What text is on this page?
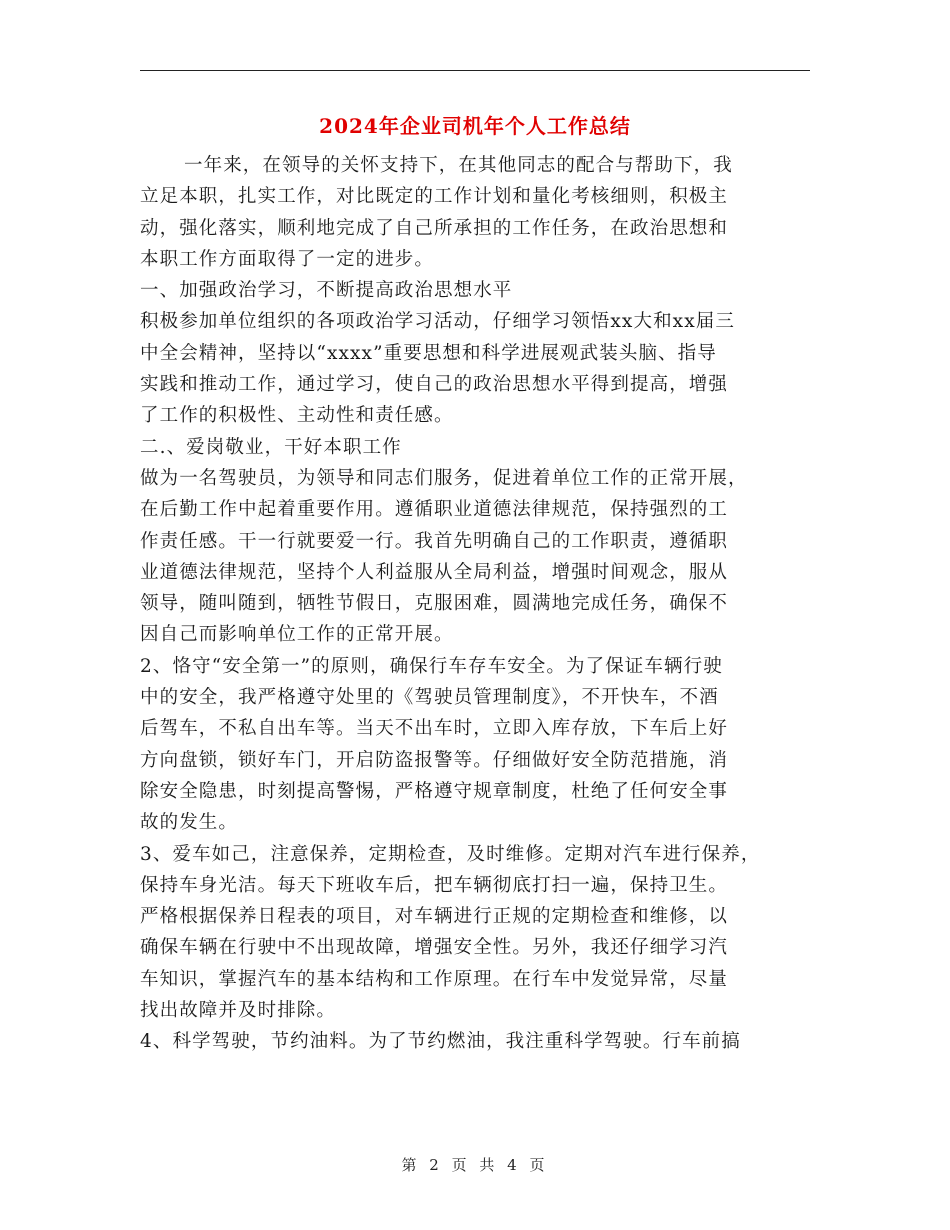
2024年企业司机年个人工作总结
一年来，在领导的关怀支持下，在其他同志的配合与帮助下，我
立足本职，扎实工作，对比既定的工作计划和量化考核细则，积极主
动，强化落实，顺利地完成了自己所承担的工作任务，在政治思想和
本职工作方面取得了一定的进步。
一、加强政治学习，不断提高政治思想水平
积极参加单位组织的各项政治学习活动，仔细学习领悟xx大和xx届三
中全会精神，坚持以“xxxx”重要思想和科学进展观武装头脑、指导
实践和推动工作，通过学习，使自己的政治思想水平得到提高，增强
了工作的积极性、主动性和责任感。
二.、爱岗敬业，干好本职工作
做为一名驾驶员，为领导和同志们服务，促进着单位工作的正常开展，
在后勤工作中起着重要作用。遵循职业道德法律规范，保持强烈的工
作责任感。干一行就要爱一行。我首先明确自己的工作职责，遵循职
业道德法律规范，坚持个人利益服从全局利益，增强时间观念，服从
领导，随叫随到，牺牲节假日，克服困难，圆满地完成任务，确保不
因自己而影响单位工作的正常开展。
2、恪守“安全第一”的原则，确保行车存车安全。为了保证车辆行驶
中的安全，我严格遵守处里的《驾驶员管理制度》，不开快车，不酒
后驾车，不私自出车等。当天不出车时，立即入库存放，下车后上好
方向盘锁，锁好车门，开启防盗报警等。仔细做好安全防范措施，消
除安全隐患，时刻提高警惕，严格遵守规章制度，杜绝了任何安全事
故的发生。
3、爱车如己，注意保养，定期检查，及时维修。定期对汽车进行保养，
保持车身光洁。每天下班收车后，把车辆彻底打扫一遍，保持卫生。
严格根据保养日程表的项目，对车辆进行正规的定期检查和维修，以
确保车辆在行驶中不出现故障，增强安全性。另外，我还仔细学习汽
车知识，掌握汽车的基本结构和工作原理。在行车中发觉异常，尽量
找出故障并及时排除。
4、科学驾驶，节约油料。为了节约燃油，我注重科学驾驶。行车前搞
第 2 页 共 4 页
